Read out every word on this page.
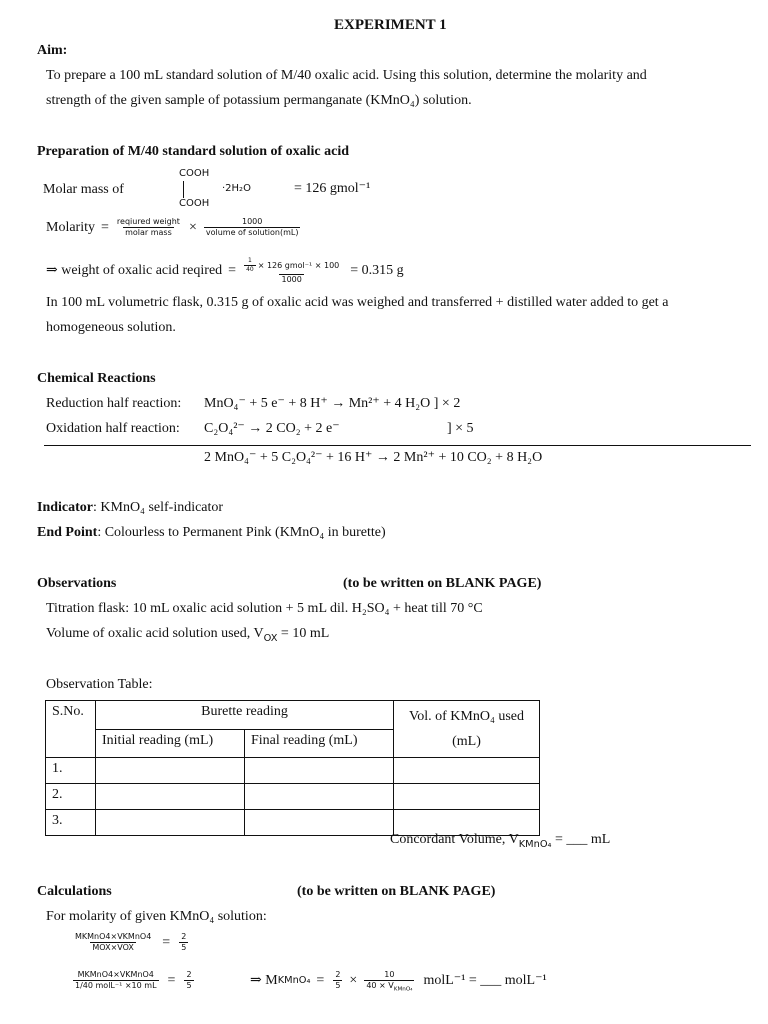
EXPERIMENT 1
Aim:
To prepare a 100 mL standard solution of M/40 oxalic acid. Using this solution, determine the molarity and
strength of the given sample of potassium permanganate (KMnO₄) solution.
Preparation of M/40 standard solution of oxalic acid
Molar mass of
COOH
COOH
·2H₂O	= 126 gmol⁻¹
Molarity = $\frac{\text{reqiured weight}}{\text{molar mass}} \times \frac{1000}{\text{volume of solution(mL)}}$
⇒ weight of oxalic acid reqired = $\frac{\frac{1}{40} \times 126 gmol^{-1} \times 100}{1000} = 0.315$ g
In 100 mL volumetric flask, 0.315 g of oxalic acid was weighed and transferred + distilled water added to get a
homogeneous solution.
Chemical Reactions
Reduction half reaction: MnO₄⁻ + 5 e⁻ + 8 H⁺ → Mn²⁺ + 4 H₂O ] × 2
Oxidation half reaction: C₂O₄²⁻ → 2 CO₂ + 2 e⁻	] × 5
2 MnO₄⁻ + 5 C₂O₄²⁻ + 16 H⁺ → 2 Mn²⁺ + 10 CO₂ + 8 H₂O
Indicator: KMnO₄ self-indicator
End Point: Colourless to Permanent Pink (KMnO₄ in burette)
Observations	(to be written on BLANK PAGE)
Titration flask: 10 mL oxalic acid solution + 5 mL dil. H₂SO₄ + heat till 70 °C
Volume of oxalic acid solution used, $V_{OX} = 10$ mL
Observation Table:
S.No.	Burette reading		Vol. of KMnO₄ used
(mL)
	Initial reading (mL)	Final reading (mL)	
1.			
2.			
3.			
Concordant Volume, $V_{KMnO_4}$ = ___ mL
Calculations	(to be written on BLANK PAGE)
For molarity of given KMnO₄ solution:
$\frac{\text{MKMnO4×VKMnO4}}{\text{MOX×VOX}} = \frac{2}{5}$
$\frac{\text{MKMnO4×VKMnO4}}{\text{1/40 molL⁻¹ ×10 mL}} = \frac{2}{5}$	⇒ M KMnO₄ = $\frac{2}{5} \times \frac{10}{40 \times V_{KMnO_4}}$ molL⁻¹ = ___ molL⁻¹
